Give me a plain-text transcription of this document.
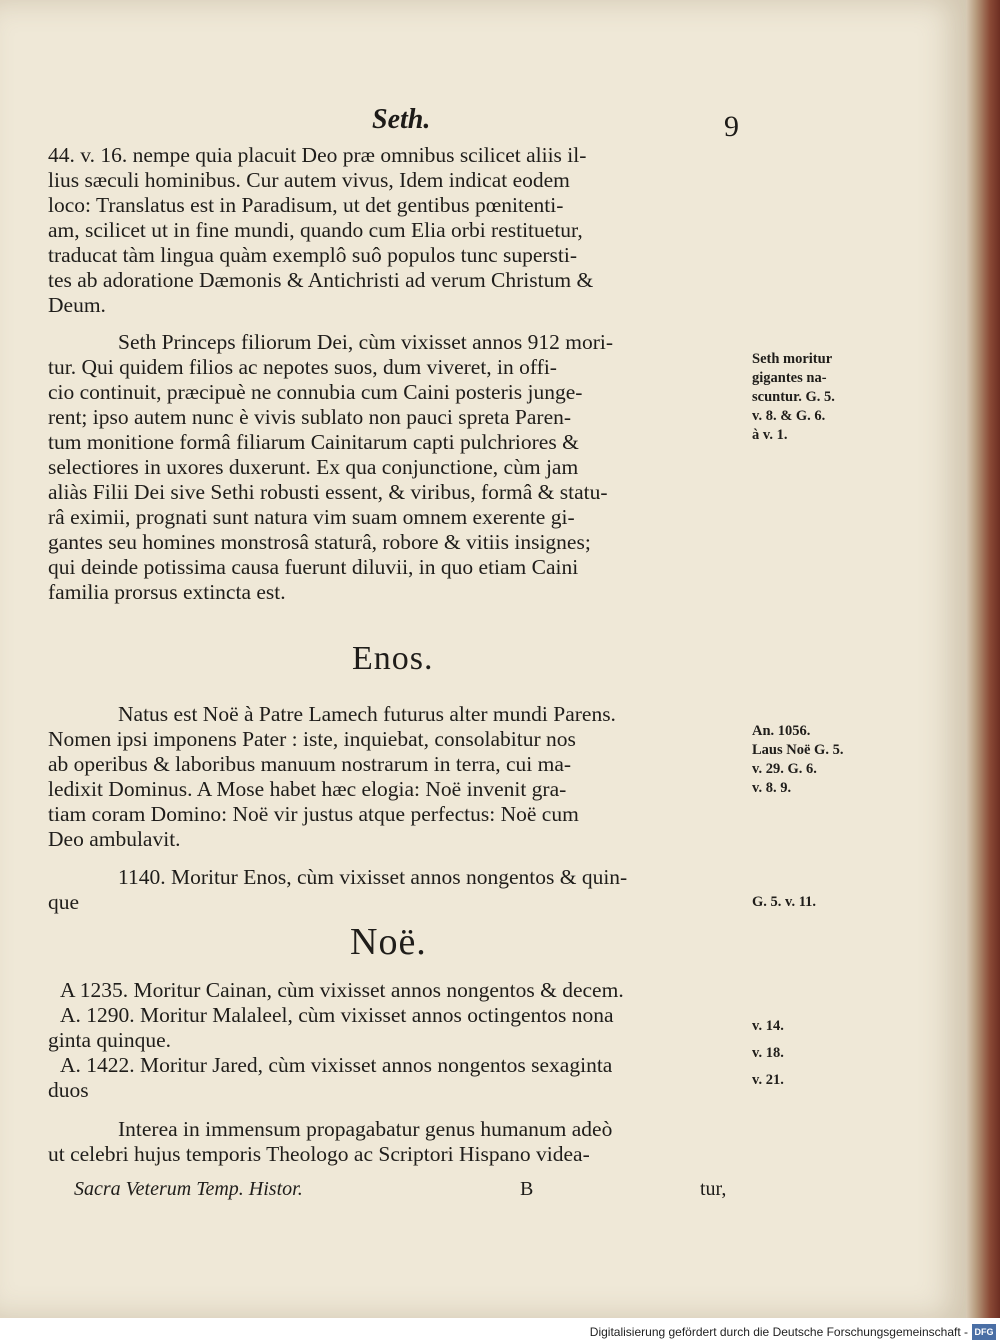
Seth.	9
44. v. 16. nempe quia placuit Deo præ omnibus scilicet aliis il-
lius sæculi hominibus. Cur autem vivus, Idem indicat eodem
loco: Translatus est in Paradisum, ut det gentibus pœnitenti-
am, scilicet ut in fine mundi, quando cum Elia orbi restituetur,
traducat tàm lingua quàm exemplô suô populos tunc supersti-
tes ab adoratione Dæmonis & Antichristi ad verum Christum &
Deum.
Seth Princeps filiorum Dei, cùm vixisset annos 912 mori-
tur. Qui quidem filios ac nepotes suos, dum viveret, in offi-
cio continuit, præcipuè ne connubia cum Caini posteris junge-
rent; ipso autem nunc è vivis sublato non pauci spreta Paren-
tum monitione formâ filiarum Cainitarum capti pulchriores &
selectiores in uxores duxerunt. Ex qua conjunctione, cùm jam
aliàs Filii Dei sive Sethi robusti essent, & viribus, formâ & statu-
râ eximii, prognati sunt natura vim suam omnem exerente gi-
gantes seu homines monstrosâ staturâ, robore & vitiis insignes;
qui deinde potissima causa fuerunt diluvii, in quo etiam Caini
familia prorsus extincta est.
Seth moritur
gigantes na-
scuntur. G. 5.
v. 8. & G. 6.
à v. 1.
Enos.
Natus est Noë à Patre Lamech futurus alter mundi Parens.
Nomen ipsi imponens Pater : iste, inquiebat, consolabitur nos
ab operibus & laboribus manuum nostrarum in terra, cui ma-
ledixit Dominus. A Mose habet hæc elogia: Noë invenit gra-
tiam coram Domino: Noë vir justus atque perfectus: Noë cum
Deo ambulavit.
An. 1056.
Laus Noë G. 5.
v. 29. G. 6.
v. 8. 9.
1140. Moritur Enos, cùm vixisset annos nongentos & quin-
que	G. 5. v. 11.
Noë.
A 1235. Moritur Cainan, cùm vixisset annos nongentos & decem.
A. 1290. Moritur Malaleel, cùm vixisset annos octingentos nona
ginta quinque.
A. 1422. Moritur Jared, cùm vixisset annos nongentos sexaginta
duos
v. 14.
v. 18.
v. 21.
Interea in immensum propagabatur genus humanum adeò
ut celebri hujus temporis Theologo ac Scriptori Hispano videa-
Sacra Veterum Temp. Histor.	B	tur,
Digitalisierung gefördert durch die Deutsche Forschungsgemeinschaft - DFG
